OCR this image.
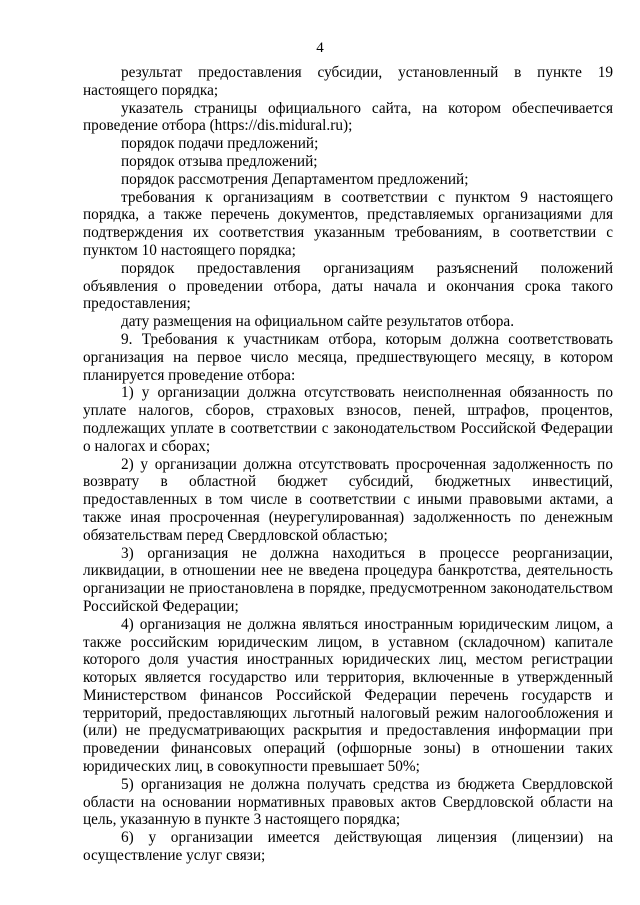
4

результат предоставления субсидии, установленный в пункте 19 настоящего порядка;

указатель страницы официального сайта, на котором обеспечивается проведение отбора (https://dis.midural.ru);

порядок подачи предложений;

порядок отзыва предложений;

порядок рассмотрения Департаментом предложений;

требования к организациям в соответствии с пунктом 9 настоящего порядка, а также перечень документов, представляемых организациями для подтверждения их соответствия указанным требованиям, в соответствии с пунктом 10 настоящего порядка;

порядок предоставления организациям разъяснений положений объявления о проведении отбора, даты начала и окончания срока такого предоставления;

дату размещения на официальном сайте результатов отбора.

9. Требования к участникам отбора, которым должна соответствовать организация на первое число месяца, предшествующего месяцу, в котором планируется проведение отбора:

1) у организации должна отсутствовать неисполненная обязанность по уплате налогов, сборов, страховых взносов, пеней, штрафов, процентов, подлежащих уплате в соответствии с законодательством Российской Федерации о налогах и сборах;

2) у организации должна отсутствовать просроченная задолженность по возврату в областной бюджет субсидий, бюджетных инвестиций, предоставленных в том числе в соответствии с иными правовыми актами, а также иная просроченная (неурегулированная) задолженность по денежным обязательствам перед Свердловской областью;

3) организация не должна находиться в процессе реорганизации, ликвидации, в отношении нее не введена процедура банкротства, деятельность организации не приостановлена в порядке, предусмотренном законодательством Российской Федерации;

4) организация не должна являться иностранным юридическим лицом, а также российским юридическим лицом, в уставном (складочном) капитале которого доля участия иностранных юридических лиц, местом регистрации которых является государство или территория, включенные в утвержденный Министерством финансов Российской Федерации перечень государств и территорий, предоставляющих льготный налоговый режим налогообложения и (или) не предусматривающих раскрытия и предоставления информации при проведении финансовых операций (офшорные зоны) в отношении таких юридических лиц, в совокупности превышает 50%;

5) организация не должна получать средства из бюджета Свердловской области на основании нормативных правовых актов Свердловской области на цель, указанную в пункте 3 настоящего порядка;

6) у организации имеется действующая лицензия (лицензии) на осуществление услуг связи;
